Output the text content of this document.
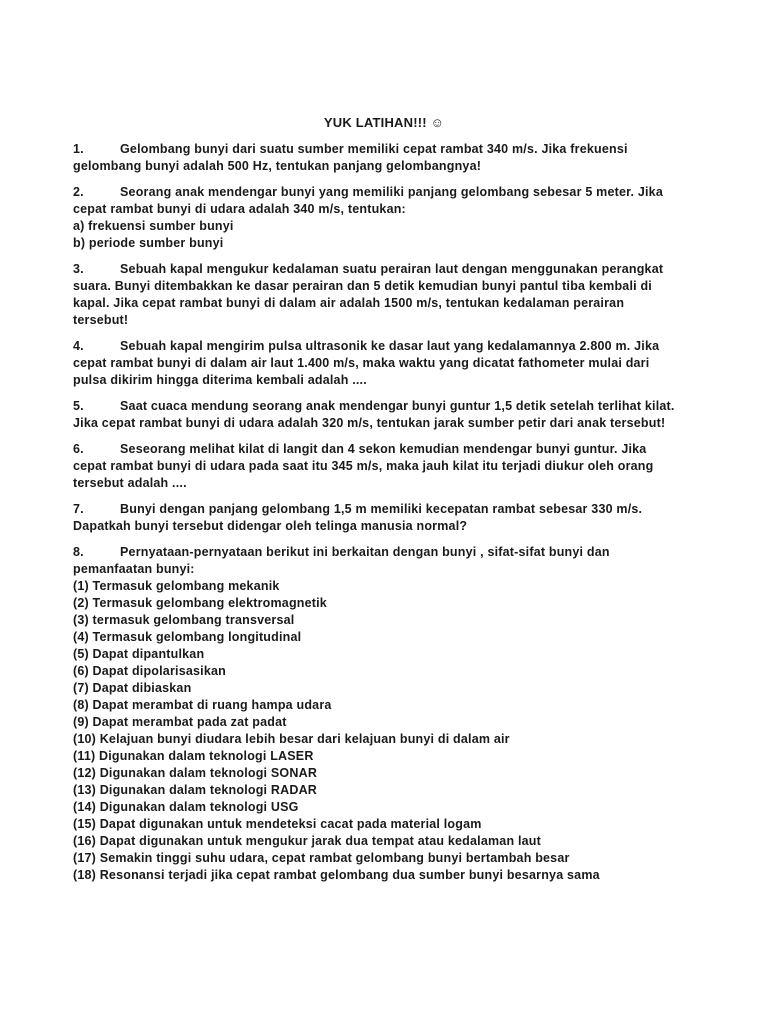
YUK LATIHAN!!! ☺

1.	Gelombang bunyi dari suatu sumber memiliki cepat rambat 340 m/s. Jika frekuensi gelombang bunyi adalah 500 Hz, tentukan panjang gelombangnya!

2.	Seorang anak mendengar bunyi yang memiliki panjang gelombang sebesar 5 meter. Jika cepat rambat bunyi di udara adalah 340 m/s, tentukan:

a) frekuensi sumber bunyi
b) periode sumber bunyi

3.	Sebuah kapal mengukur kedalaman suatu perairan laut dengan menggunakan perangkat suara. Bunyi ditembakkan ke dasar perairan dan 5 detik kemudian bunyi pantul tiba kembali di kapal. Jika cepat rambat bunyi di dalam air adalah 1500 m/s, tentukan kedalaman perairan tersebut!

4.	Sebuah kapal mengirim pulsa ultrasonik ke dasar laut yang kedalamannya 2.800 m. Jika cepat rambat bunyi di dalam air laut 1.400 m/s, maka waktu yang dicatat fathometer mulai dari pulsa dikirim hingga diterima kembali adalah ....

5.	Saat cuaca mendung seorang anak mendengar bunyi guntur 1,5 detik setelah terlihat kilat. Jika cepat rambat bunyi di udara adalah 320 m/s, tentukan jarak sumber petir dari anak tersebut!

6.	Seseorang melihat kilat di langit dan 4 sekon kemudian mendengar bunyi guntur. Jika cepat rambat bunyi di udara pada saat itu 345 m/s, maka jauh kilat itu terjadi diukur oleh orang tersebut adalah ....

7.	Bunyi dengan panjang gelombang 1,5 m memiliki kecepatan rambat sebesar 330 m/s. Dapatkah bunyi tersebut didengar oleh telinga manusia normal?

8.	Pernyataan-pernyataan berikut ini berkaitan dengan bunyi , sifat-sifat bunyi dan pemanfaatan bunyi:

(1) Termasuk gelombang mekanik
(2) Termasuk gelombang elektromagnetik
(3) termasuk gelombang transversal
(4) Termasuk gelombang longitudinal
(5) Dapat dipantulkan
(6) Dapat dipolarisasikan
(7) Dapat dibiaskan
(8) Dapat merambat di ruang hampa udara
(9) Dapat merambat pada zat padat
(10) Kelajuan bunyi diudara lebih besar dari kelajuan bunyi di dalam air
(11) Digunakan dalam teknologi LASER
(12) Digunakan dalam teknologi SONAR
(13) Digunakan dalam teknologi RADAR
(14) Digunakan dalam teknologi USG
(15) Dapat digunakan untuk mendeteksi cacat pada material logam
(16) Dapat digunakan untuk mengukur jarak dua tempat atau kedalaman laut
(17) Semakin tinggi suhu udara, cepat rambat gelombang bunyi bertambah besar
(18) Resonansi terjadi jika cepat rambat gelombang dua sumber bunyi besarnya sama
